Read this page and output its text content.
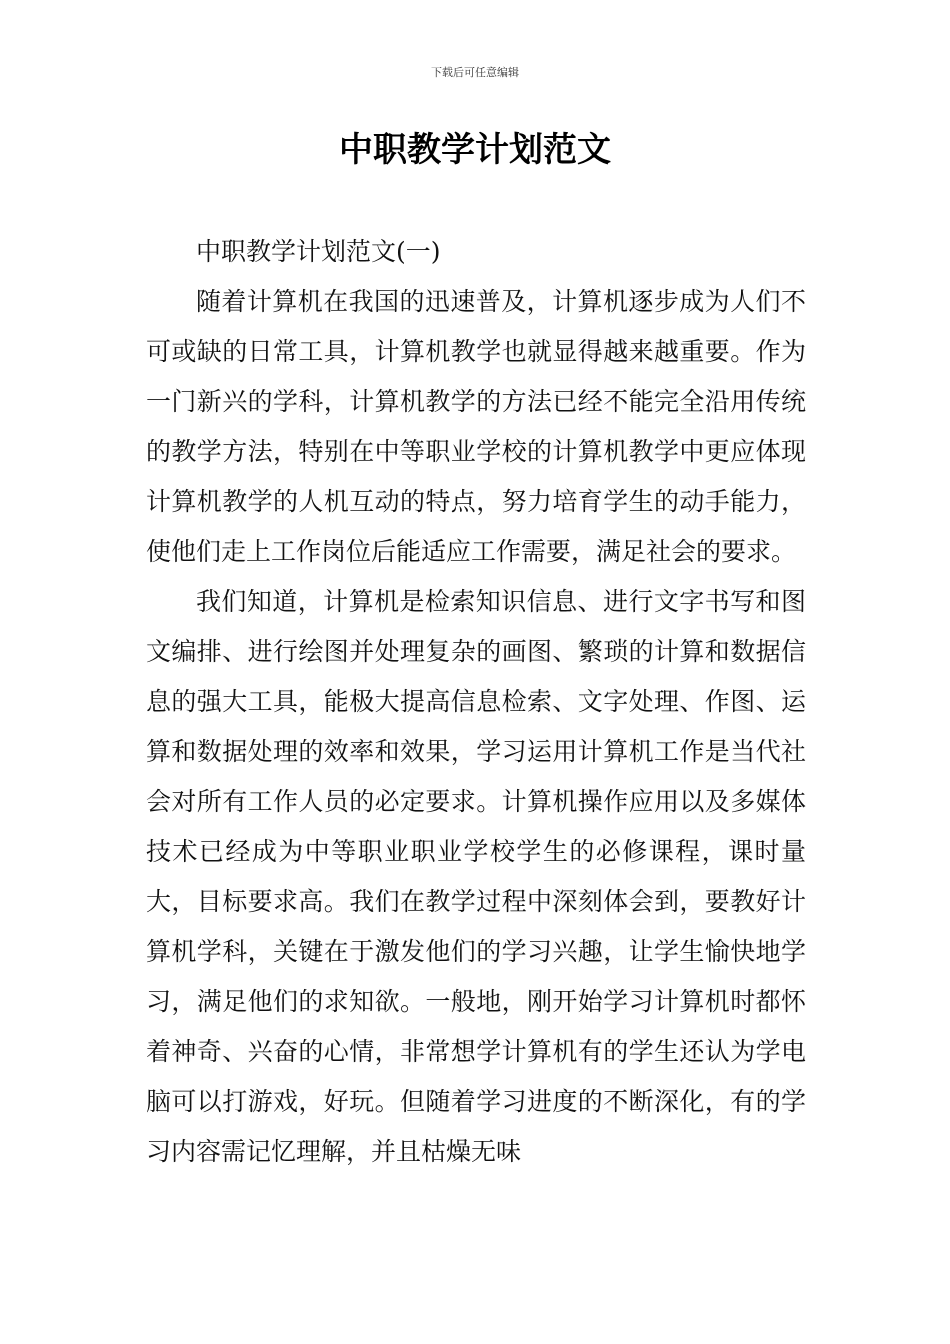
下载后可任意编辑
中职教学计划范文
中职教学计划范文(一)

随着计算机在我国的迅速普及，计算机逐步成为人们不可或缺的日常工具，计算机教学也就显得越来越重要。作为一门新兴的学科，计算机教学的方法已经不能完全沿用传统的教学方法，特别在中等职业学校的计算机教学中更应体现计算机教学的人机互动的特点，努力培育学生的动手能力，使他们走上工作岗位后能适应工作需要，满足社会的要求。

我们知道，计算机是检索知识信息、进行文字书写和图文编排、进行绘图并处理复杂的画图、繁琐的计算和数据信息的强大工具，能极大提高信息检索、文字处理、作图、运算和数据处理的效率和效果，学习运用计算机工作是当代社会对所有工作人员的必定要求。计算机操作应用以及多媒体技术已经成为中等职业职业学校学生的必修课程，课时量大，目标要求高。我们在教学过程中深刻体会到，要教好计算机学科，关键在于激发他们的学习兴趣，让学生愉快地学习，满足他们的求知欲。一般地，刚开始学习计算机时都怀着神奇、兴奋的心情，非常想学计算机有的学生还认为学电脑可以打游戏，好玩。但随着学习进度的不断深化，有的学习内容需记忆理解，并且枯燥无味
